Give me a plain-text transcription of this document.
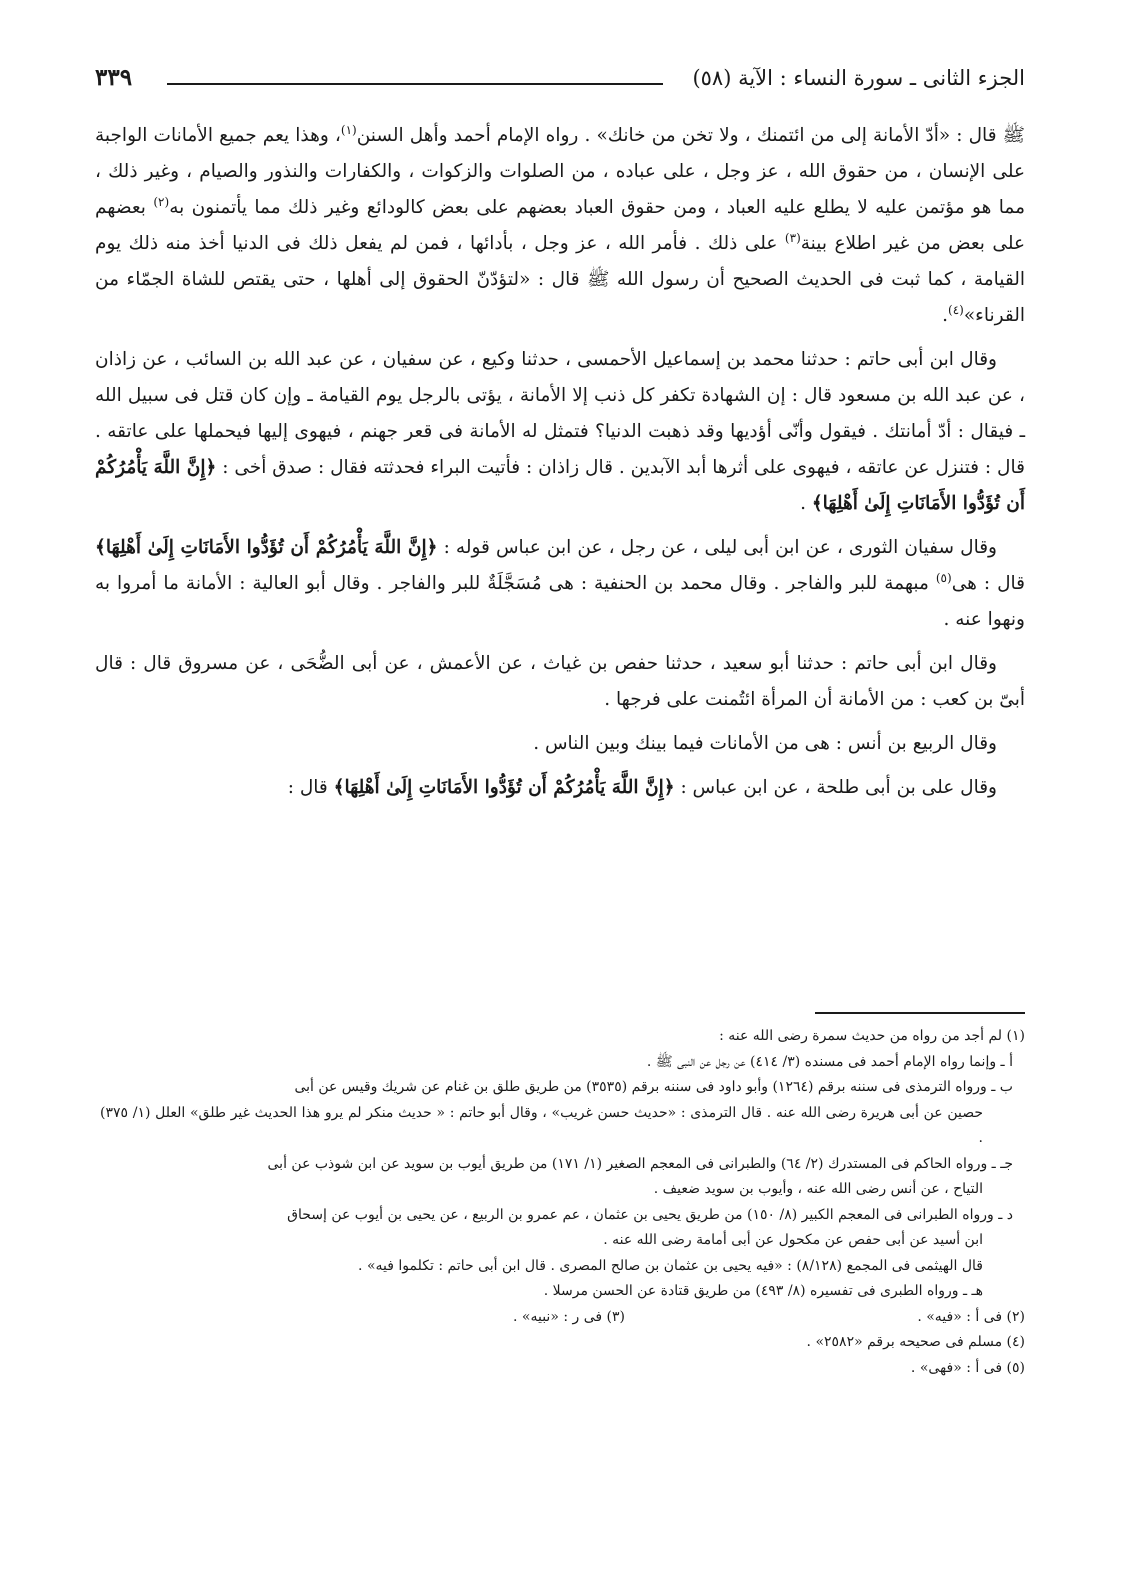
الجزء الثانى ـ سورة النساء : الآية (٥٨)
٣٣٩

ﷺ قال : «أدّ الأمانة إلى من ائتمنك ، ولا تخن من خانك» . رواه الإمام أحمد وأهل السنن$^{(١)}$، وهذا يعم جميع الأمانات الواجبة على الإنسان ، من حقوق الله ، عز وجل ، على عباده ، من الصلوات والزكوات ، والكفارات والنذور والصيام ، وغير ذلك ، مما هو مؤتمن عليه لا يطلع عليه العباد ، ومن حقوق العباد بعضهم على بعض كالودائع وغير ذلك مما يأتمنون به$^{(٢)}$ بعضهم على بعض من غير اطلاع بينة$^{(٣)}$ على ذلك . فأمر الله ، عز وجل ، بأدائها ، فمن لم يفعل ذلك فى الدنيا أخذ منه ذلك يوم القيامة ، كما ثبت فى الحديث الصحيح أن رسول الله ﷺ قال : «لتؤدّنّ الحقوق إلى أهلها ، حتى يقتص للشاة الجمّاء من القرناء»$^{(٤)}$.

وقال ابن أبى حاتم : حدثنا محمد بن إسماعيل الأحمسى ، حدثنا وكيع ، عن سفيان ، عن عبد الله بن السائب ، عن زاذان ، عن عبد الله بن مسعود قال : إن الشهادة تكفر كل ذنب إلا الأمانة ، يؤتى بالرجل يوم القيامة ـ وإن كان قتل فى سبيل الله ـ فيقال : أدّ أمانتك . فيقول وأنّى أؤديها وقد ذهبت الدنيا؟ فتمثل له الأمانة فى قعر جهنم ، فيهوى إليها فيحملها على عاتقه . قال : فتنزل عن عاتقه ، فيهوى على أثرها أبد الآبدين . قال زاذان : فأتيت البراء فحدثته فقال : صدق أخى : ﴿إِنَّ اللَّهَ يَأْمُرُكُمْ أَن تُؤَدُّوا الأَمَانَاتِ إِلَىٰ أَهْلِهَا﴾ .

وقال سفيان الثورى ، عن ابن أبى ليلى ، عن رجل ، عن ابن عباس قوله : ﴿إِنَّ اللَّهَ يَأْمُرُكُمْ أَن تُؤَدُّوا الأَمَانَاتِ إِلَىٰ أَهْلِهَا﴾ قال : هى$^{(٥)}$ مبهمة للبر والفاجر . وقال محمد بن الحنفية : هى مُسَجَّلَةٌ للبر والفاجر . وقال أبو العالية : الأمانة ما أمروا به ونهوا عنه .

وقال ابن أبى حاتم : حدثنا أبو سعيد ، حدثنا حفص بن غياث ، عن الأعمش ، عن أبى الضُّحَى ، عن مسروق قال : قال أبىّ بن كعب : من الأمانة أن المرأة ائتُمنت على فرجها .

وقال الربيع بن أنس : هى من الأمانات فيما بينك وبين الناس .

وقال على بن أبى طلحة ، عن ابن عباس : ﴿إِنَّ اللَّهَ يَأْمُرُكُمْ أَن تُؤَدُّوا الأَمَانَاتِ إِلَىٰ أَهْلِهَا﴾ قال :

(١) لم أجد من رواه من حديث سمرة رضى الله عنه :

أ ـ وإنما رواه الإمام أحمد فى مسنده (٣/ ٤١٤) عن رجل عن النبى ﷺ .

ب ـ ورواه الترمذى فى سننه برقم (١٢٦٤) وأبو داود فى سننه برقم (٣٥٣٥) من طريق طلق بن غنام عن شريك وقيس عن أبى

حصين عن أبى هريرة رضى الله عنه . قال الترمذى : «حديث حسن غريب» ، وقال أبو حاتم : « حديث منكر لم يرو هذا الحديث غير طلق» العلل (١/ ٣٧٥) .

جـ ـ ورواه الحاكم فى المستدرك (٢/ ٦٤) والطبرانى فى المعجم الصغير (١/ ١٧١) من طريق أيوب بن سويد عن ابن شوذب عن أبى

التياح ، عن أنس رضى الله عنه ، وأيوب بن سويد ضعيف .

د ـ ورواه الطبرانى فى المعجم الكبير (٨/ ١٥٠) من طريق يحيى بن عثمان ، عم عمرو بن الربيع ، عن يحيى بن أيوب عن إسحاق

ابن أسيد عن أبى حفص عن مكحول عن أبى أمامة رضى الله عنه .

قال الهيثمى فى المجمع (٨/١٢٨) : «فيه يحيى بن عثمان بن صالح المصرى . قال ابن أبى حاتم : تكلموا فيه» .

هـ ـ ورواه الطبرى فى تفسيره (٨/ ٤٩٣) من طريق قتادة عن الحسن مرسلا .

(٢) فى أ : «فيه» .
(٣) فى ر : «نبيه» .

(٤) مسلم فى صحيحه برقم «٢٥٨٢» .

(٥) فى أ : «فهى» .
